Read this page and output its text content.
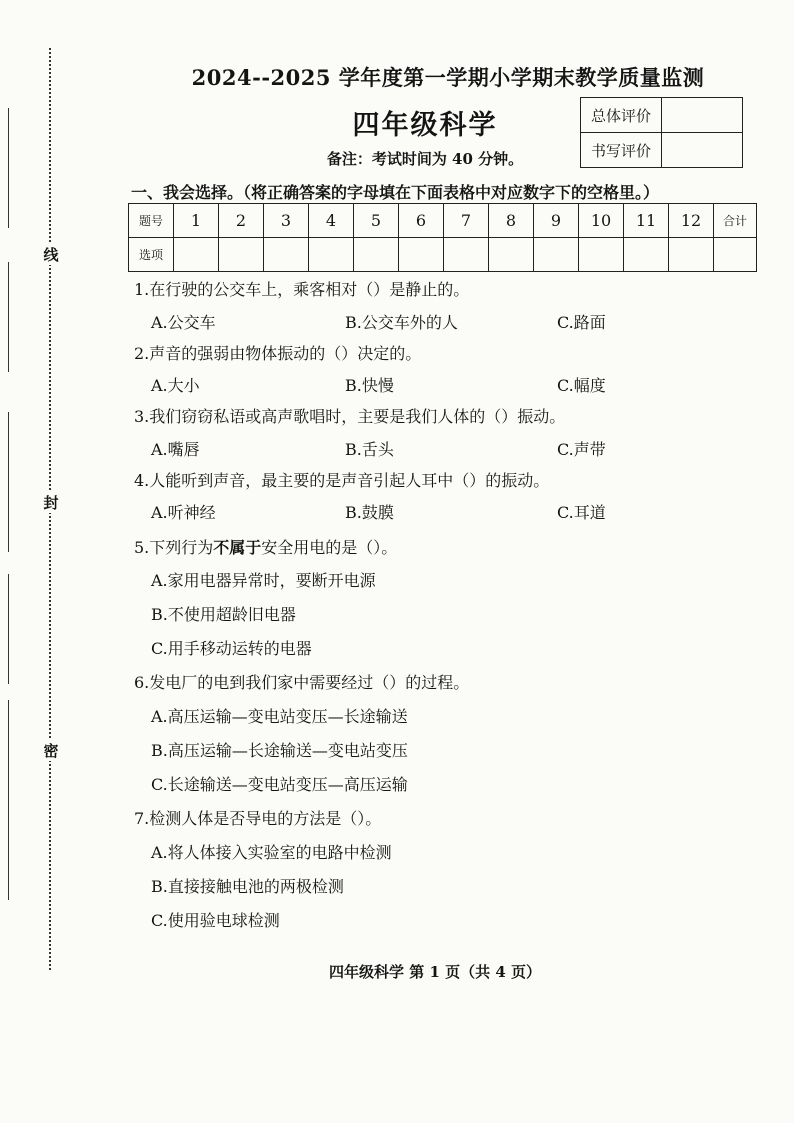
线
封
密
2024--2025 学年度第一学期小学期末教学质量监测
四年级科学
备注：考试时间为 40 分钟。
总体评价	
书写评价	
一、我会选择。（将正确答案的字母填在下面表格中对应数字下的空格里。）
题号	1	2	3	4	5	6	7	8	9	10	11	12	合计
选项													
1.在行驶的公交车上，乘客相对（）是静止的。
A.公交车	B.公交车外的人	C.路面
2.声音的强弱由物体振动的（）决定的。
A.大小	B.快慢	C.幅度
3.我们窃窃私语或高声歌唱时，主要是我们人体的（）振动。
A.嘴唇	B.舌头	C.声带
4.人能听到声音，最主要的是声音引起人耳中（）的振动。
A.听神经	B.鼓膜	C.耳道
5.下列行为不属于安全用电的是（）。
A.家用电器异常时，要断开电源
B.不使用超龄旧电器
C.用手移动运转的电器
6.发电厂的电到我们家中需要经过（）的过程。
A.高压运输—变电站变压—长途输送
B.高压运输—长途输送—变电站变压
C.长途输送—变电站变压—高压运输
7.检测人体是否导电的方法是（）。
A.将人体接入实验室的电路中检测
B.直接接触电池的两极检测
C.使用验电球检测
四年级科学 第 1 页（共 4 页）
